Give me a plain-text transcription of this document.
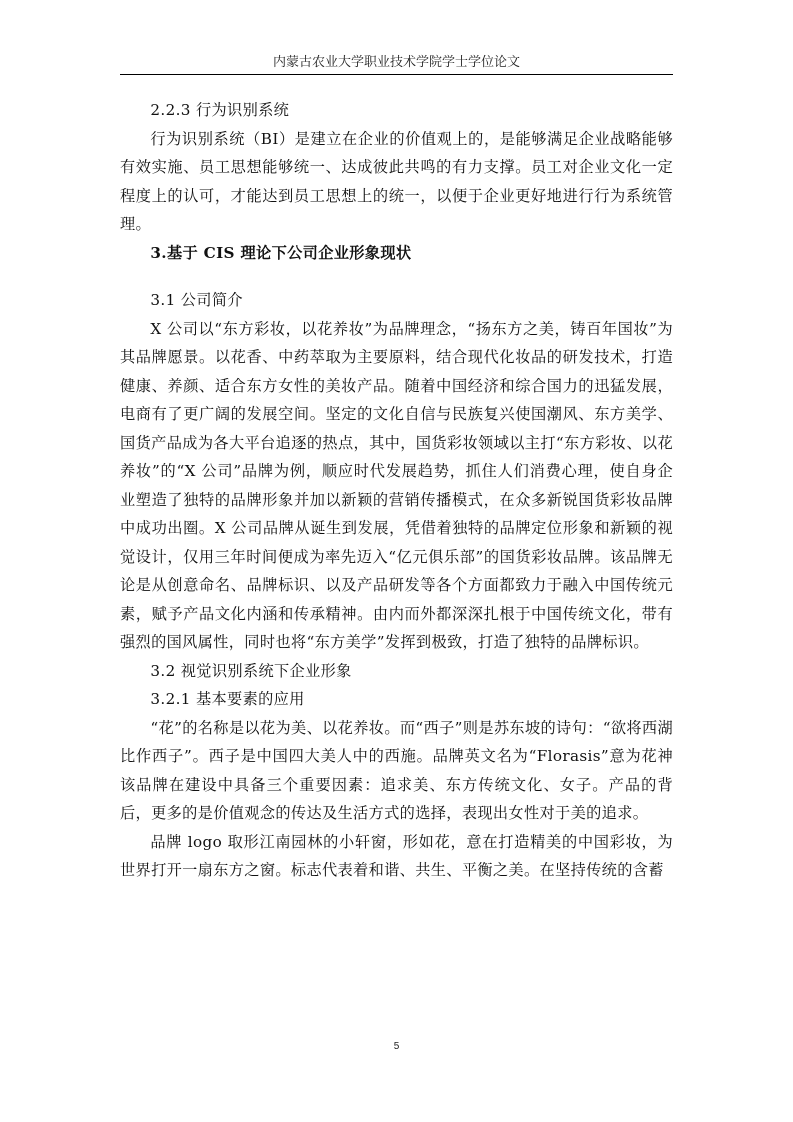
内蒙古农业大学职业技术学院学士学位论文

2.2.3 行为识别系统

行为识别系统（BI）是建立在企业的价值观上的，是能够满足企业战略能够有效实施、员工思想能够统一、达成彼此共鸣的有力支撑。员工对企业文化一定程度上的认可，才能达到员工思想上的统一，以便于企业更好地进行行为系统管理。

3.基于 CIS 理论下公司企业形象现状

3.1 公司简介

X 公司以“东方彩妆，以花养妆”为品牌理念，“扬东方之美，铸百年国妆”为其品牌愿景。以花香、中药萃取为主要原料，结合现代化妆品的研发技术，打造健康、养颜、适合东方女性的美妆产品。随着中国经济和综合国力的迅猛发展，电商有了更广阔的发展空间。坚定的文化自信与民族复兴使国潮风、东方美学、国货产品成为各大平台追逐的热点，其中，国货彩妆领域以主打“东方彩妆、以花养妆”的“X 公司”品牌为例，顺应时代发展趋势，抓住人们消费心理，使自身企业塑造了独特的品牌形象并加以新颖的营销传播模式，在众多新锐国货彩妆品牌中成功出圈。X 公司品牌从诞生到发展，凭借着独特的品牌定位形象和新颖的视觉设计，仅用三年时间便成为率先迈入“亿元俱乐部”的国货彩妆品牌。该品牌无论是从创意命名、品牌标识、以及产品研发等各个方面都致力于融入中国传统元素，赋予产品文化内涵和传承精神。由内而外都深深扎根于中国传统文化，带有强烈的国风属性，同时也将“东方美学”发挥到极致，打造了独特的品牌标识。

3.2 视觉识别系统下企业形象

3.2.1 基本要素的应用

“花”的名称是以花为美、以花养妆。而“西子”则是苏东坡的诗句：“欲将西湖比作西子”。西子是中国四大美人中的西施。品牌英文名为“Florasis”意为花神　该品牌在建设中具备三个重要因素：追求美、东方传统文化、女子。产品的背后，更多的是价值观念的传达及生活方式的选择，表现出女性对于美的追求。

品牌 logo 取形江南园林的小轩窗，形如花，意在打造精美的中国彩妆，为世界打开一扇东方之窗。标志代表着和谐、共生、平衡之美。在坚持传统的含蓄

5
